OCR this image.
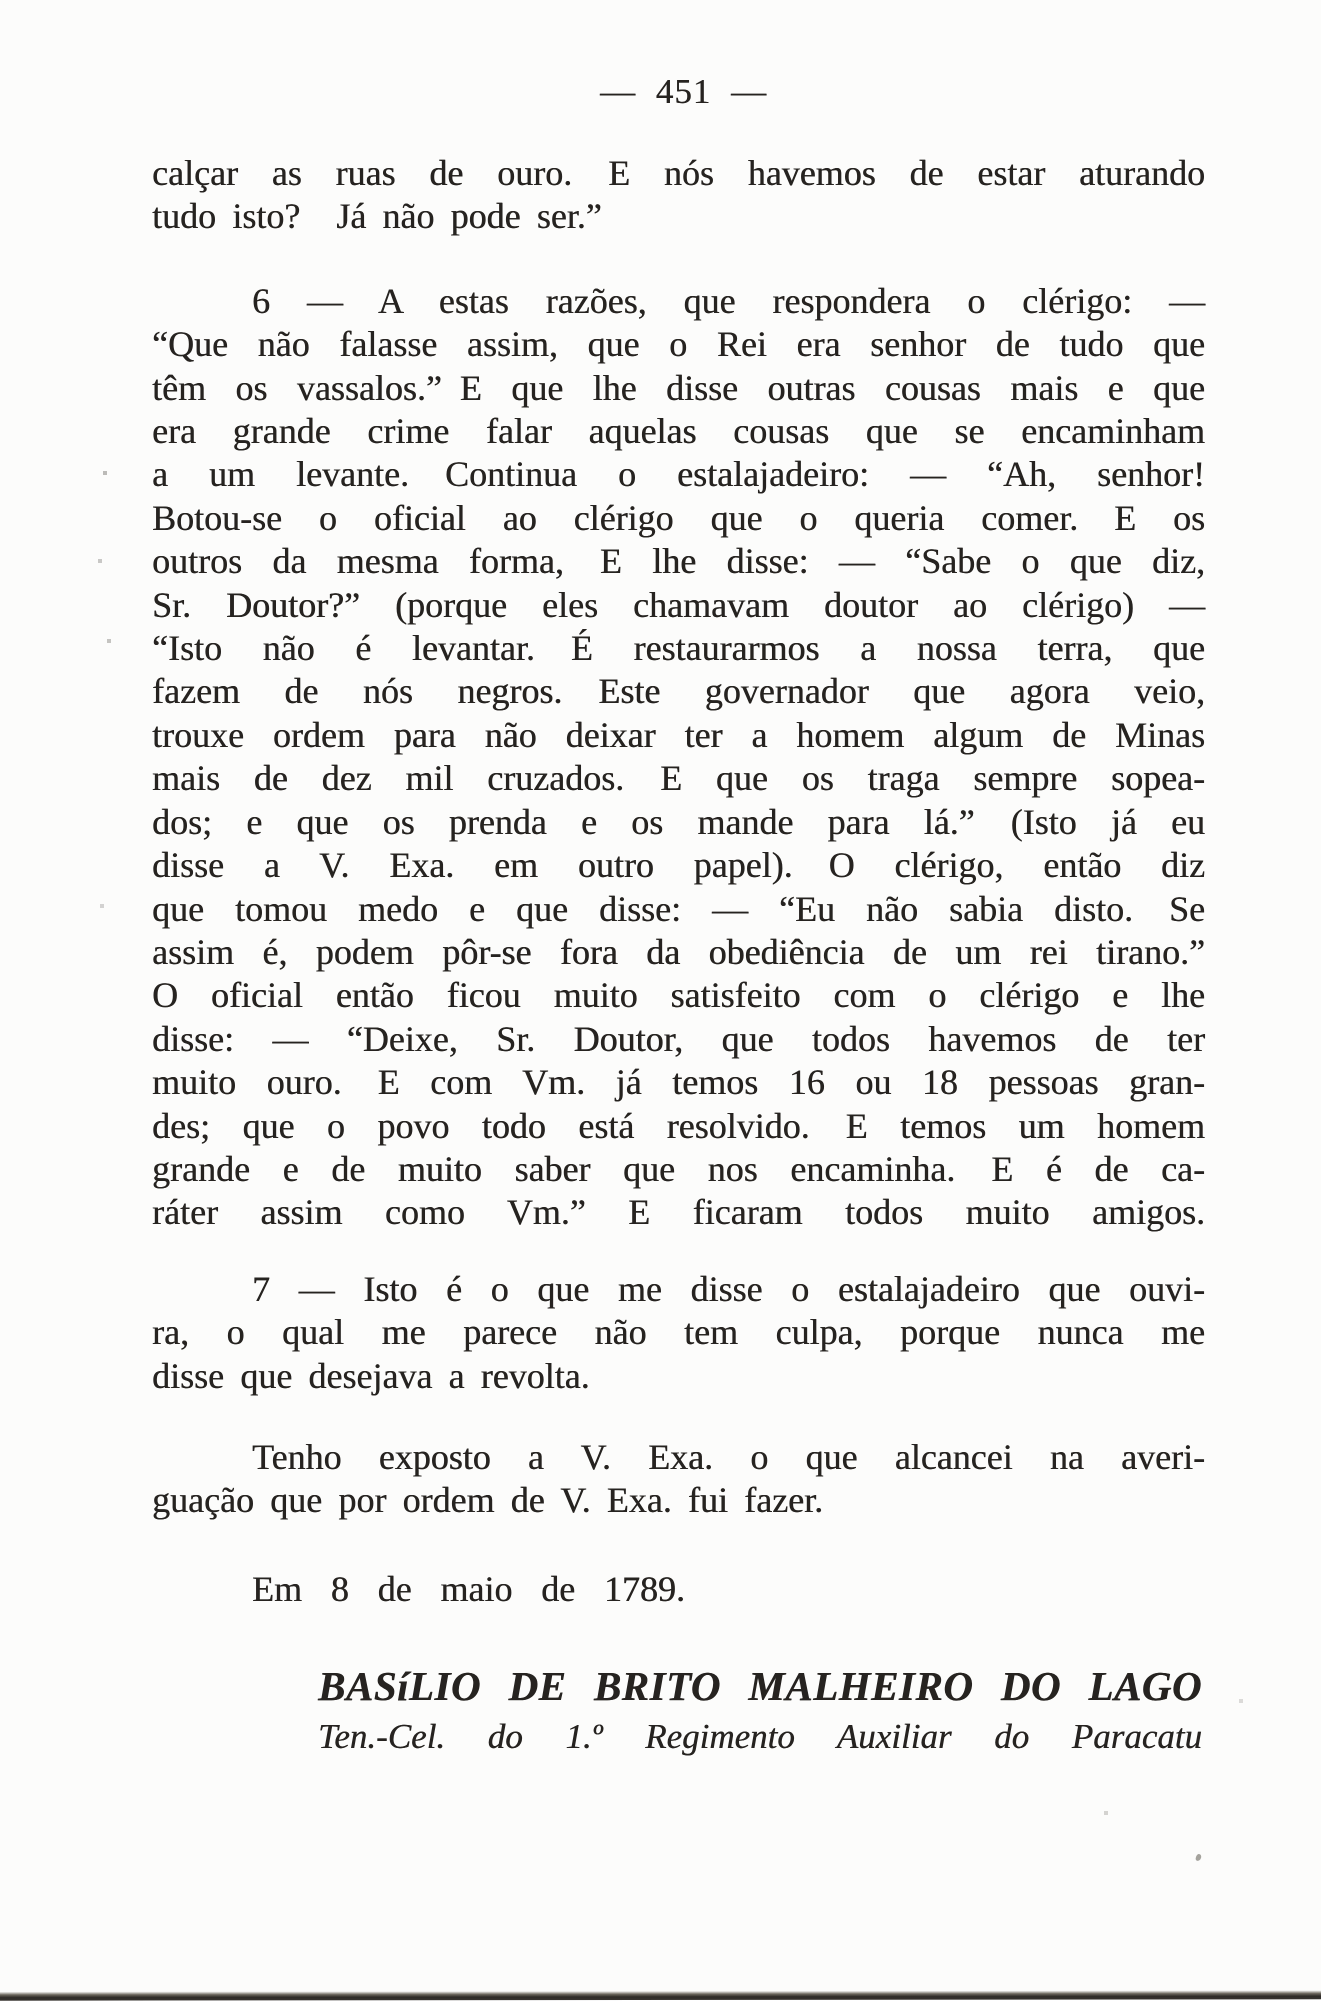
— 451 —
calçar as ruas de ouro. E nós havemos de estar aturando
tudo isto? Já não pode ser.”
6 — A estas razões, que respondera o clérigo: —
“Que não falasse assim, que o Rei era senhor de tudo que
têm os vassalos.” E que lhe disse outras cousas mais e que
era grande crime falar aquelas cousas que se encaminham
a um levante. Continua o estalajadeiro: — “Ah, senhor!
Botou-se o oficial ao clérigo que o queria comer. E os
outros da mesma forma, E lhe disse: — “Sabe o que diz,
Sr. Doutor?” (porque eles chamavam doutor ao clérigo) —
“Isto não é levantar. É restaurarmos a nossa terra, que
fazem de nós negros. Este governador que agora veio,
trouxe ordem para não deixar ter a homem algum de Minas
mais de dez mil cruzados. E que os traga sempre sopea-
dos; e que os prenda e os mande para lá.” (Isto já eu
disse a V. Exa. em outro papel). O clérigo, então diz
que tomou medo e que disse: — “Eu não sabia disto. Se
assim é, podem pôr-se fora da obediência de um rei tirano.”
O oficial então ficou muito satisfeito com o clérigo e lhe
disse: — “Deixe, Sr. Doutor, que todos havemos de ter
muito ouro. E com Vm. já temos 16 ou 18 pessoas gran-
des; que o povo todo está resolvido. E temos um homem
grande e de muito saber que nos encaminha. E é de ca-
ráter assim como Vm.” E ficaram todos muito amigos.
7 — Isto é o que me disse o estalajadeiro que ouvi-
ra, o qual me parece não tem culpa, porque nunca me
disse que desejava a revolta.
Tenho exposto a V. Exa. o que alcancei na averi-
guação que por ordem de V. Exa. fui fazer.
Em 8 de maio de 1789.
BASíLIO DE BRITO MALHEIRO DO LAGO
Ten.-Cel. do 1.º Regimento Auxiliar do Paracatu
